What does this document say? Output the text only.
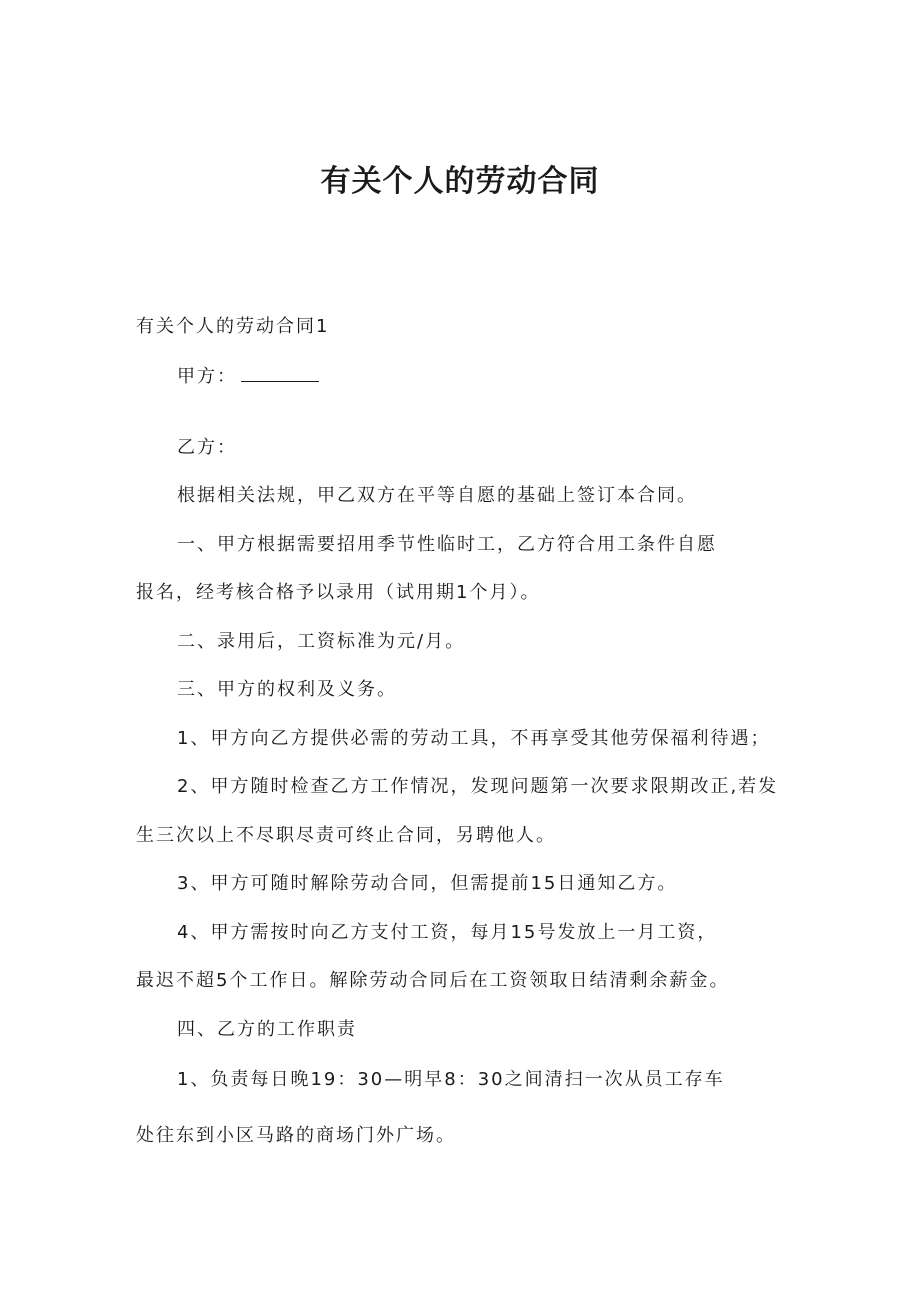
有关个人的劳动合同
有关个人的劳动合同1
甲方：
乙方：
根据相关法规，甲乙双方在平等自愿的基础上签订本合同。
一、甲方根据需要招用季节性临时工，乙方符合用工条件自愿
报名，经考核合格予以录用（试用期1个月）。
二、录用后，工资标准为元/月。
三、甲方的权利及义务。
1、甲方向乙方提供必需的劳动工具，不再享受其他劳保福利待遇；
2、甲方随时检查乙方工作情况，发现问题第一次要求限期改正,若发
生三次以上不尽职尽责可终止合同，另聘他人。
3、甲方可随时解除劳动合同，但需提前15日通知乙方。
4、甲方需按时向乙方支付工资，每月15号发放上一月工资，
最迟不超5个工作日。解除劳动合同后在工资领取日结清剩余薪金。
四、乙方的工作职责
1、负责每日晚19：30—明早8：30之间清扫一次从员工存车
处往东到小区马路的商场门外广场。
